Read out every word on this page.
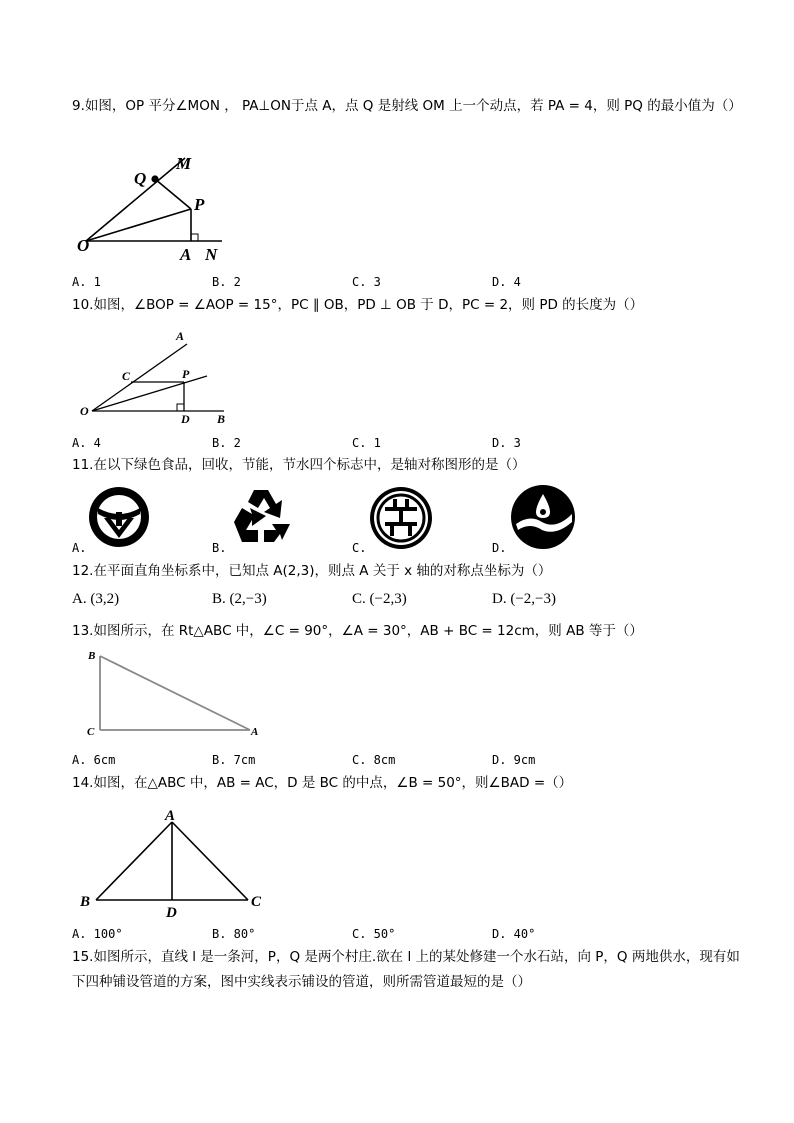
9.如图，OP 平分∠MON ， PA⊥ON于点 A，点 Q 是射线 OM 上一个动点，若 PA = 4，则 PQ 的最小值为（）
Q
M
P
O	A N
A. 1	B. 2	C. 3	D. 4
10.如图，∠BOP = ∠AOP = 15°，PC ∥ OB，PD ⊥ OB 于 D，PC = 2，则 PD 的长度为（）
A
C	P
O
D B
A. 4	B. 2	C. 1	D. 3
11.在以下绿色食品，回收，节能，节水四个标志中，是轴对称图形的是（）
A.	B.	C.	D.
12.在平面直角坐标系中，已知点 A(2,3)，则点 A 关于 x 轴的对称点坐标为（）
A. (3,2)	B. (2,−3)	C. (−2,3)	D. (−2,−3)
13.如图所示，在 Rt△ABC 中，∠C = 90°，∠A = 30°，AB + BC = 12cm，则 AB 等于（）
B
C	A
A. 6cm	B. 7cm	C. 8cm	D. 9cm
14.如图，在△ABC 中，AB = AC，D 是 BC 的中点，∠B = 50°，则∠BAD =（）
A
B
D
C
A. 100°	B. 80°	C. 50°	D. 40°
15.如图所示，直线 l 是一条河，P，Q 是两个村庄.欲在 l 上的某处修建一个水石站，向 P，Q 两地供水，现有如下四种铺设管道的方案，图中实线表示铺设的管道，则所需管道最短的是（）
